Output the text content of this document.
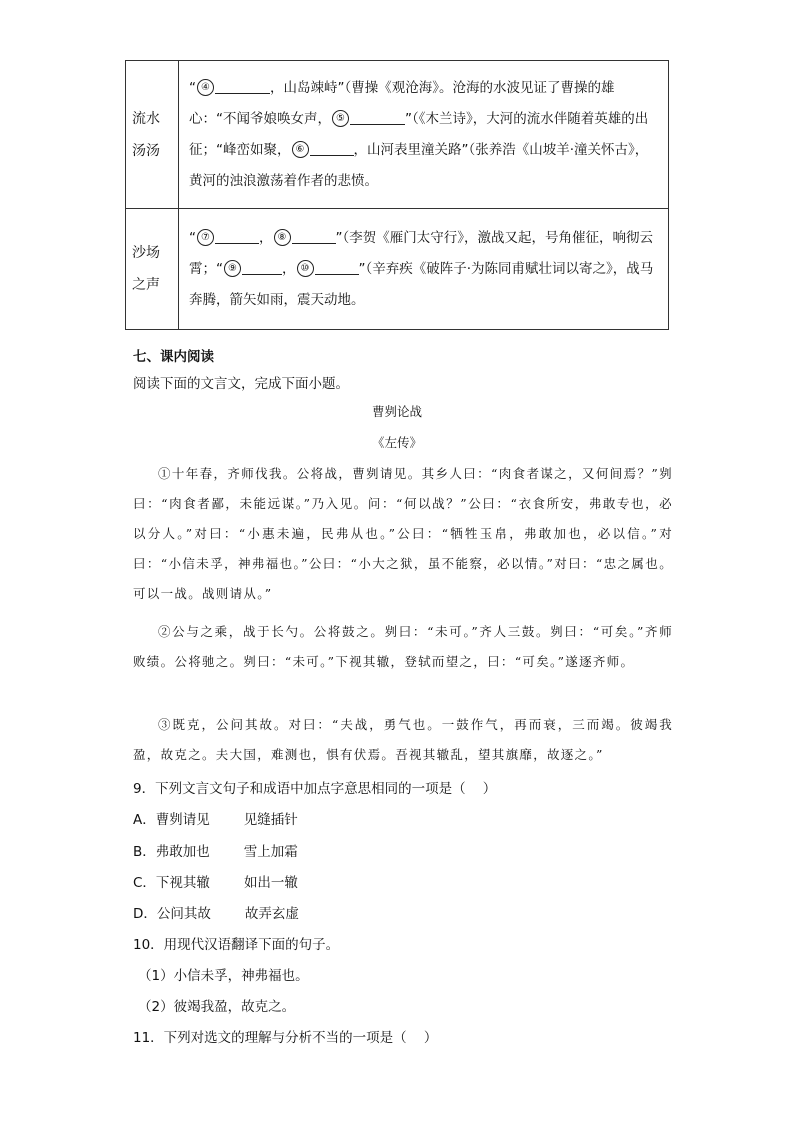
流水
汤汤	“ ④ ，山岛竦峙”（曹操《观沧海》。沧海的水波见证了曹操的雄心：“不闻爷娘唤女声， ⑤ ”（《木兰诗》，大河的流水伴随着英雄的出征；“峰峦如聚， ⑥ ，山河表里潼关路”（张养浩《山坡羊·潼关怀古》，黄河的浊浪激荡着作者的悲愤。
沙场
之声	“ ⑦ ， ⑧ ”（李贺《雁门太守行》，激战又起，号角催征，响彻云霄；“ ⑨ ， ⑩ ”（辛弃疾《破阵子·为陈同甫赋壮词以寄之》，战马奔腾，箭矢如雨，震天动地。
七、课内阅读
阅读下面的文言文，完成下面小题。
曹刿论战
《左传》

①十年春，齐师伐我。公将战，曹刿请见。其乡人曰：“肉食者谋之，又何间焉？”刿曰：“肉食者鄙，未能远谋。”乃入见。问：“何以战？”公曰：“衣食所安，弗敢专也，必以分人。”对曰：“小惠未遍，民弗从也。”公曰：“牺牲玉帛，弗敢加也，必以信。”对曰：“小信未孚，神弗福也。”公曰：“小大之狱，虽不能察，必以情。”对曰：“忠之属也。可以一战。战则请从。”

②公与之乘，战于长勺。公将鼓之。刿曰：“未可。”齐人三鼓。刿曰：“可矣。”齐师败绩。公将驰之。刿曰：“未可。”下视其辙，登轼而望之，曰：“可矣。”遂逐齐师。

③既克，公问其故。对曰：“夫战，勇气也。一鼓作气，再而衰，三而竭。彼竭我盈，故克之。夫大国，难测也，惧有伏焉。吾视其辙乱，望其旗靡，故逐之。”

9．下列文言文句子和成语中加点字意思相同的一项是（    ）
A．曹刿请见	见缝插针
B．弗敢加也	雪上加霜
C．下视其辙	如出一辙
D．公问其故	故弄玄虚
10．用现代汉语翻译下面的句子。
（1）小信未孚，神弗福也。
（2）彼竭我盈，故克之。
11．下列对选文的理解与分析不当的一项是（    ）
